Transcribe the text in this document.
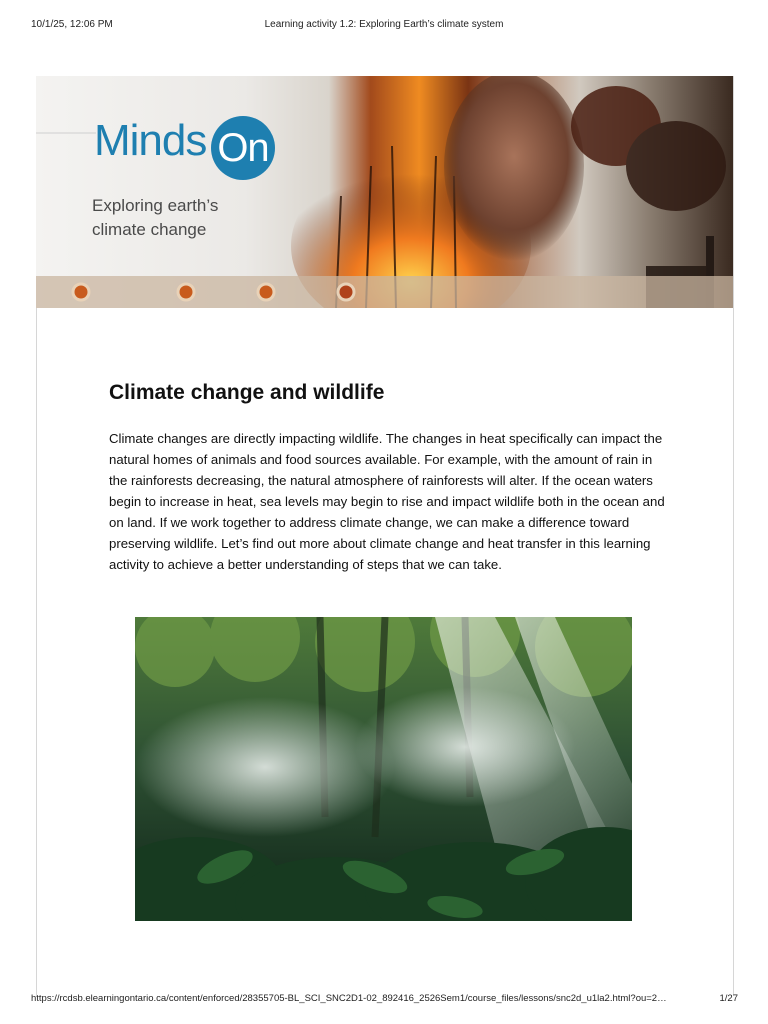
10/1/25, 12:06 PM	Learning activity 1.2: Exploring Earth’s climate system
Minds On
Exploring earth’s
climate change
Climate change and wildlife

Climate changes are directly impacting wildlife. The changes in heat specifically can impact the natural homes of animals and food sources available. For example, with the amount of rain in the rainforests decreasing, the natural atmosphere of rainforests will alter. If the ocean waters begin to increase in heat, sea levels may begin to rise and impact wildlife both in the ocean and on land. If we work together to address climate change, we can make a difference toward preserving wildlife. Let’s find out more about climate change and heat transfer in this learning activity to achieve a better understanding of steps that we can take.

https://rcdsb.elearningontario.ca/content/enforced/28355705-BL_SCI_SNC2D1-02_892416_2526Sem1/course_files/lessons/snc2d_u1la2.html?ou=2…	1/27
